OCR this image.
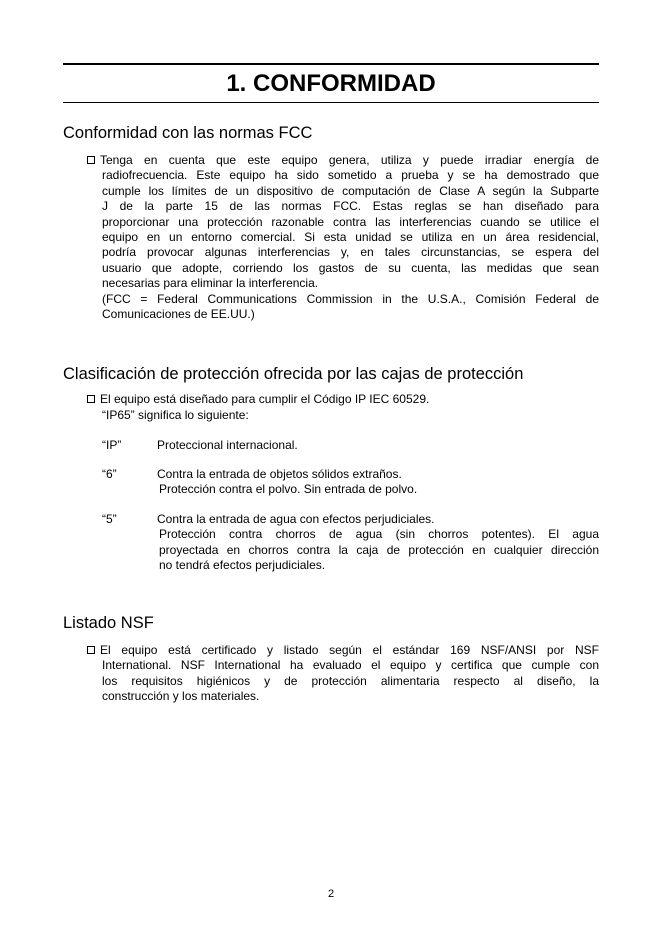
1. CONFORMIDAD
Conformidad con las normas FCC
Tenga en cuenta que este equipo genera, utiliza y puede irradiar energía de
radiofrecuencia. Este equipo ha sido sometido a prueba y se ha demostrado que
cumple los límites de un dispositivo de computación de Clase A según la Subparte
J de la parte 15 de las normas FCC. Estas reglas se han diseñado para
proporcionar una protección razonable contra las interferencias cuando se utilice el
equipo en un entorno comercial. Si esta unidad se utiliza en un área residencial,
podría provocar algunas interferencias y, en tales circunstancias, se espera del
usuario que adopte, corriendo los gastos de su cuenta, las medidas que sean
necesarias para eliminar la interferencia.
(FCC = Federal Communications Commission in the U.S.A., Comisión Federal de
Comunicaciones de EE.UU.)
Clasificación de protección ofrecida por las cajas de protección
El equipo está diseñado para cumplir el Código IP IEC 60529.

“IP65” significa lo siguiente:

“IP”	Proteccional internacional.
“6”	Contra la entrada de objetos sólidos extraños.
Protección contra el polvo. Sin entrada de polvo.
“5”	Contra la entrada de agua con efectos perjudiciales.
Protección contra chorros de agua (sin chorros potentes). El agua
proyectada en chorros contra la caja de protección en cualquier dirección
no tendrá efectos perjudiciales.
Listado NSF
El equipo está certificado y listado según el estándar 169 NSF/ANSI por NSF
International. NSF International ha evaluado el equipo y certifica que cumple con
los requisitos higiénicos y de protección alimentaria respecto al diseño, la
construcción y los materiales.

2
